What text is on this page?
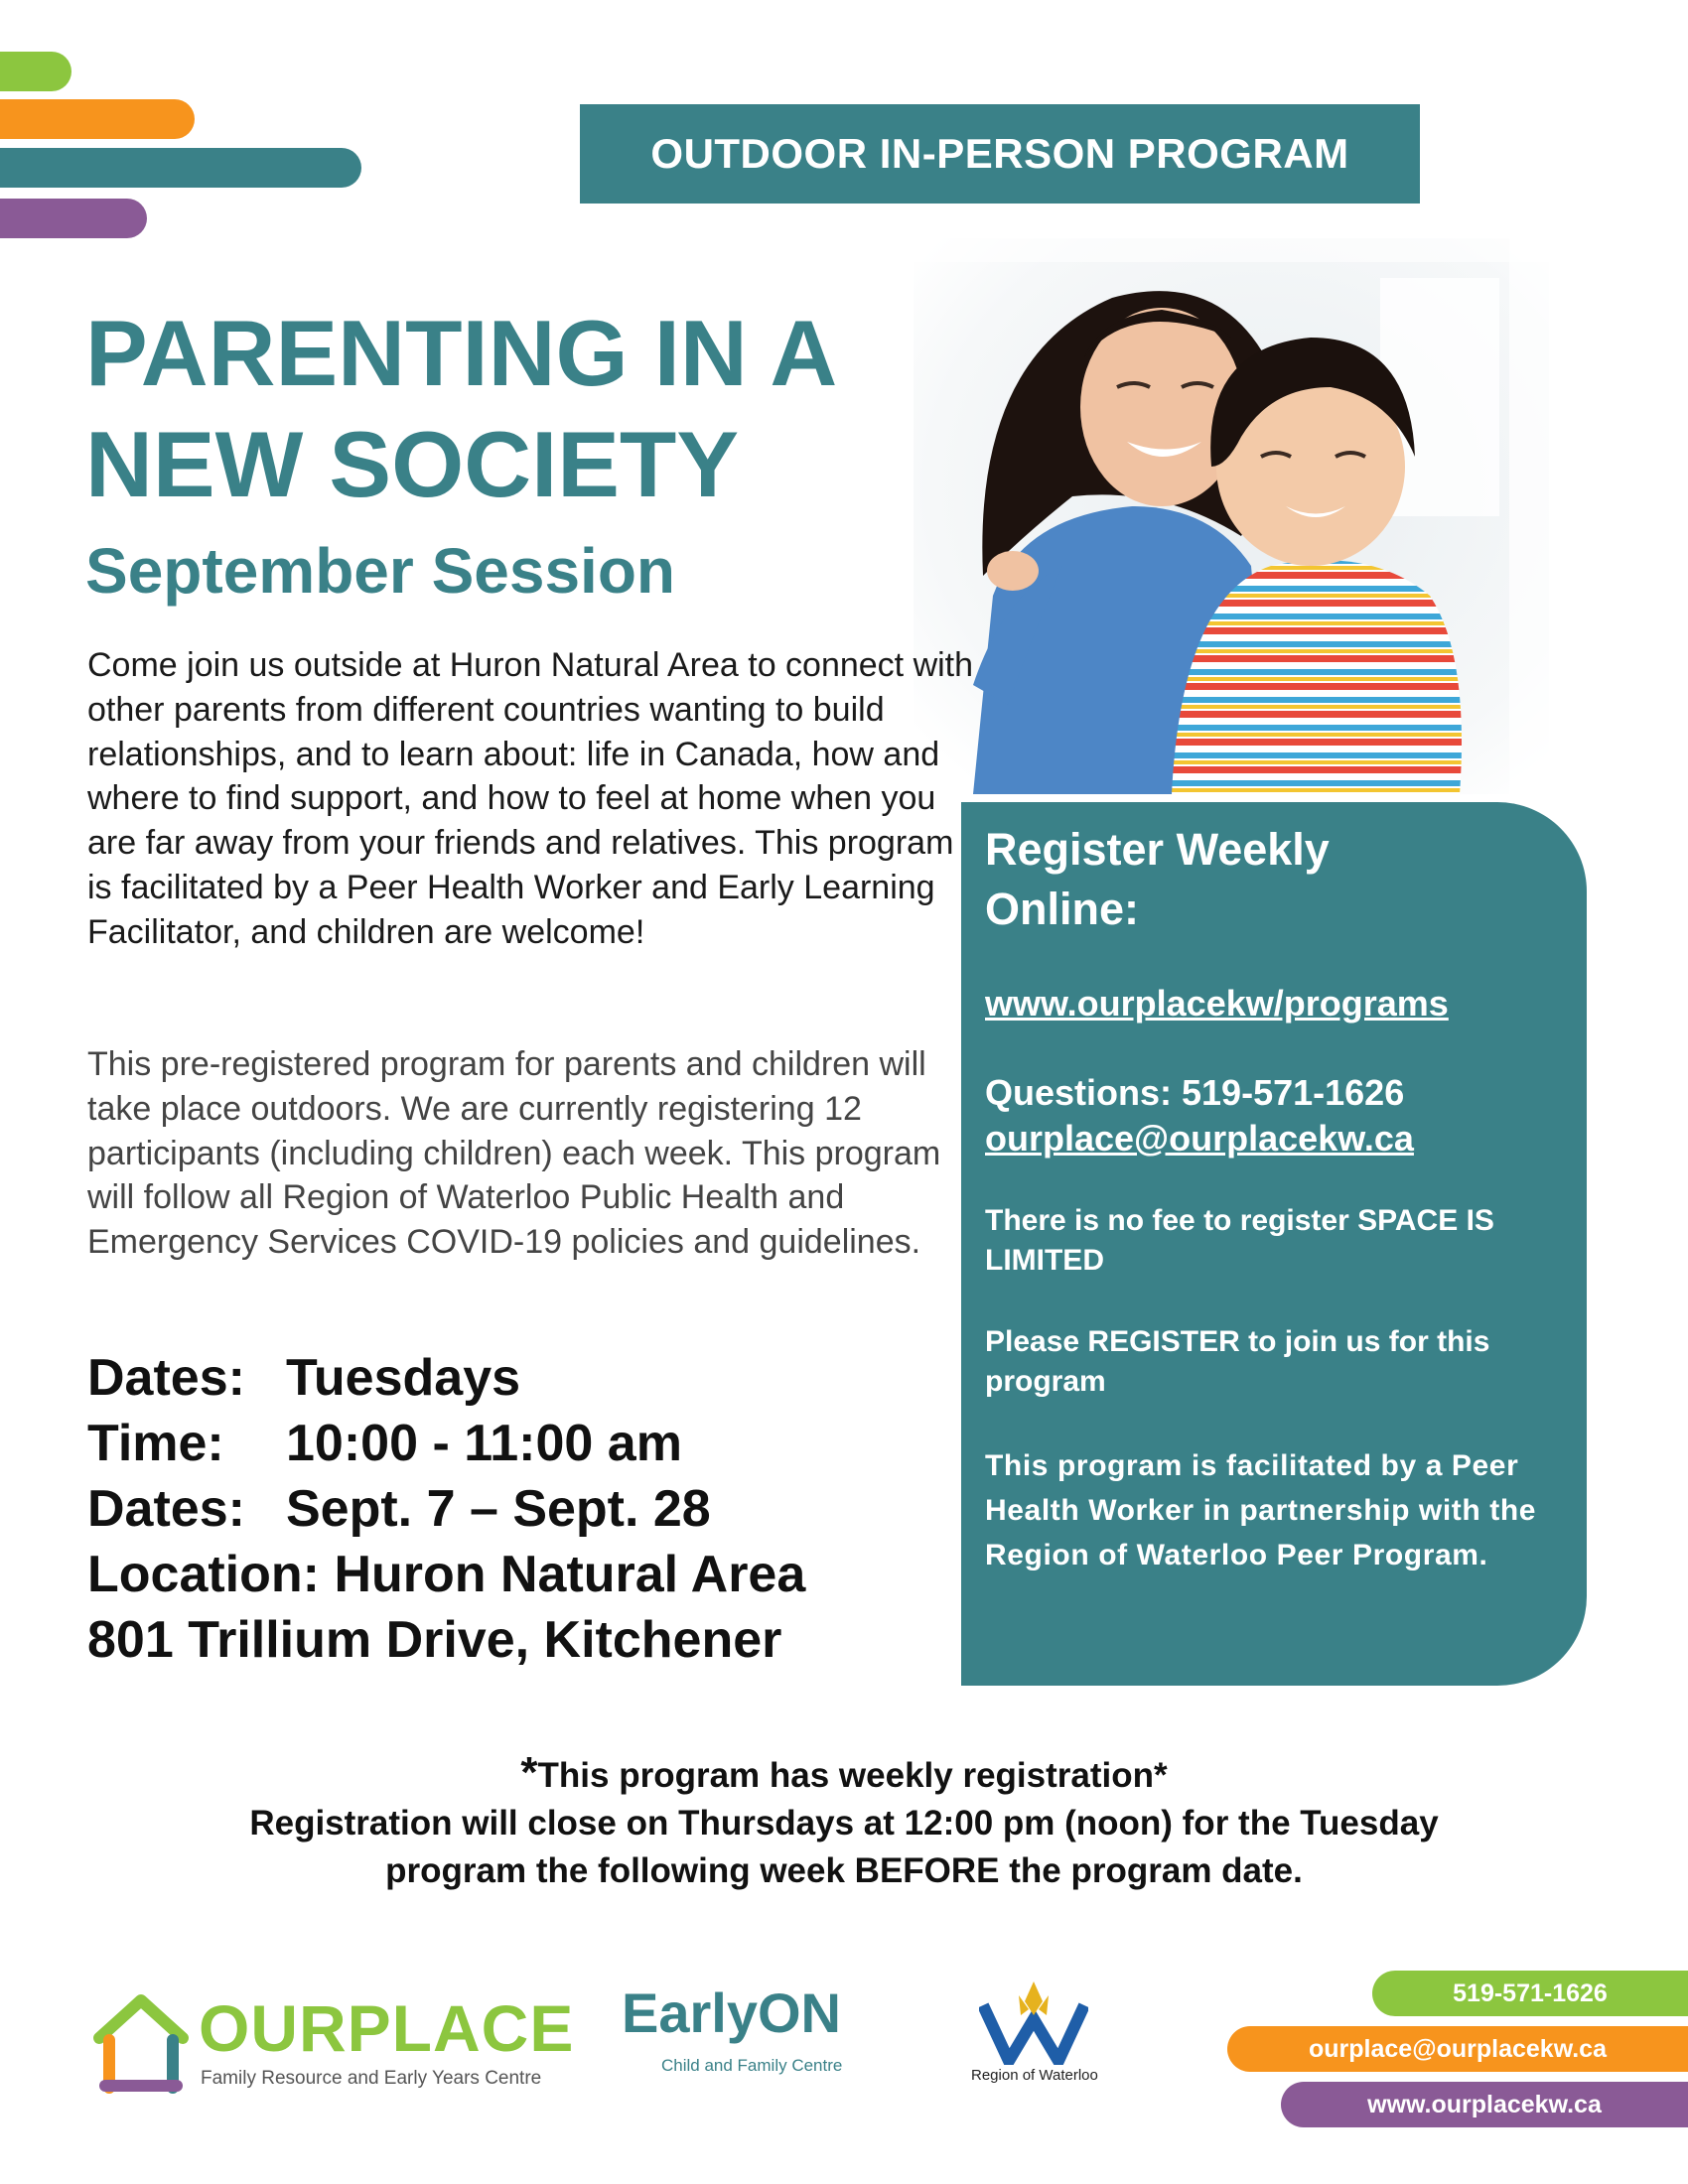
OUTDOOR IN-PERSON PROGRAM
PARENTING IN A
NEW SOCIETY
September Session

Come join us outside at Huron Natural Area to connect with other parents from different countries wanting to build relationships, and to learn about: life in Canada, how and where to find support, and how to feel at home when you are far away from your friends and relatives. This program is facilitated by a Peer Health Worker and Early Learning Facilitator, and children are welcome!

This pre-registered program for parents and children will take place outdoors. We are currently registering 12 participants (including children) each week. This program will follow all Region of Waterloo Public Health and Emergency Services COVID-19 policies and guidelines.

Dates: Tuesdays
Time: 10:00 - 11:00 am
Dates: Sept. 7 – Sept. 28
Location: Huron Natural Area
801 Trillium Drive, Kitchener
Register Weekly
Online:
www.ourplacekw/programs
Questions: 519-571-1626
ourplace@ourplacekw.ca
There is no fee to register SPACE IS LIMITED
Please REGISTER to join us for this program
This program is facilitated by a Peer Health Worker in partnership with the Region of Waterloo Peer Program.
*This program has weekly registration*
Registration will close on Thursdays at 12:00 pm (noon) for the Tuesday
program the following week BEFORE the program date.
OURPLACE
Family Resource and Early Years Centre
EarlyON
Child and Family Centre
Region of Waterloo
519-571-1626
ourplace@ourplacekw.ca
www.ourplacekw.ca
